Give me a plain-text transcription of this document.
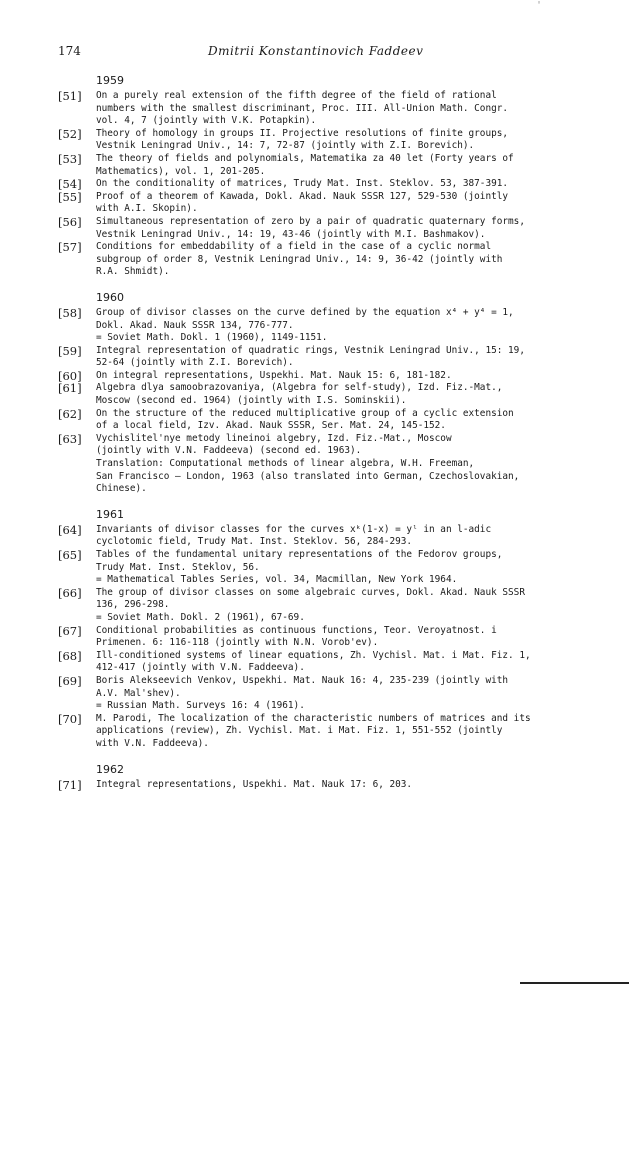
'
174	Dmitrii Konstantinovich Faddeev
1959
[51]	On a purely real extension of the fifth degree of the field of rational
numbers with the smallest discriminant, Proc. III. All-Union Math. Congr.
vol. 4, 7 (jointly with V.K. Potapkin).
[52]	Theory of homology in groups II. Projective resolutions of finite groups,
Vestnik Leningrad Univ., 14: 7, 72-87 (jointly with Z.I. Borevich).
[53]	The theory of fields and polynomials, Matematika za 40 let (Forty years of
Mathematics), vol. 1, 201-205.
[54]	On the conditionality of matrices, Trudy Mat. Inst. Steklov. 53, 387-391.
[55]	Proof of a theorem of Kawada, Dokl. Akad. Nauk SSSR 127, 529-530 (jointly
with A.I. Skopin).
[56]	Simultaneous representation of zero by a pair of quadratic quaternary forms,
Vestnik Leningrad Univ., 14: 19, 43-46 (jointly with M.I. Bashmakov).
[57]	Conditions for embeddability of a field in the case of a cyclic normal
subgroup of order 8, Vestnik Leningrad Univ., 14: 9, 36-42 (jointly with
R.A. Shmidt).
1960
[58]	Group of divisor classes on the curve defined by the equation x⁴ + y⁴ = 1,
Dokl. Akad. Nauk SSSR 134, 776-777.
= Soviet Math. Dokl. 1 (1960), 1149-1151.
[59]	Integral representation of quadratic rings, Vestnik Leningrad Univ., 15: 19,
52-64 (jointly with Z.I. Borevich).
[60]	On integral representations, Uspekhi. Mat. Nauk 15: 6, 181-182.
[61]	Algebra dlya samoobrazovaniya, (Algebra for self-study), Izd. Fiz.-Mat.,
Moscow (second ed. 1964) (jointly with I.S. Sominskii).
[62]	On the structure of the reduced multiplicative group of a cyclic extension
of a local field, Izv. Akad. Nauk SSSR, Ser. Mat. 24, 145-152.
[63]	Vychislitel'nye metody lineinoi algebry, Izd. Fiz.-Mat., Moscow
(jointly with V.N. Faddeeva) (second ed. 1963).
Translation: Computational methods of linear algebra, W.H. Freeman,
San Francisco – London, 1963 (also translated into German, Czechoslovakian,
Chinese).
1961
[64]	Invariants of divisor classes for the curves xᵏ(1-x) = yˡ in an l-adic
cyclotomic field, Trudy Mat. Inst. Steklov. 56, 284-293.
[65]	Tables of the fundamental unitary representations of the Fedorov groups,
Trudy Mat. Inst. Steklov, 56.
= Mathematical Tables Series, vol. 34, Macmillan, New York 1964.
[66]	The group of divisor classes on some algebraic curves, Dokl. Akad. Nauk SSSR
136, 296-298.
= Soviet Math. Dokl. 2 (1961), 67-69.
[67]	Conditional probabilities as continuous functions, Teor. Veroyatnost. i
Primenen. 6: 116-118 (jointly with N.N. Vorob'ev).
[68]	Ill-conditioned systems of linear equations, Zh. Vychisl. Mat. i Mat. Fiz. 1,
412-417 (jointly with V.N. Faddeeva).
[69]	Boris Alekseevich Venkov, Uspekhi. Mat. Nauk 16: 4, 235-239 (jointly with
A.V. Mal'shev).
= Russian Math. Surveys 16: 4 (1961).
[70]	M. Parodi, The localization of the characteristic numbers of matrices and its
applications (review), Zh. Vychisl. Mat. i Mat. Fiz. 1, 551-552 (jointly
with V.N. Faddeeva).
1962
[71]	Integral representations, Uspekhi. Mat. Nauk 17: 6, 203.
